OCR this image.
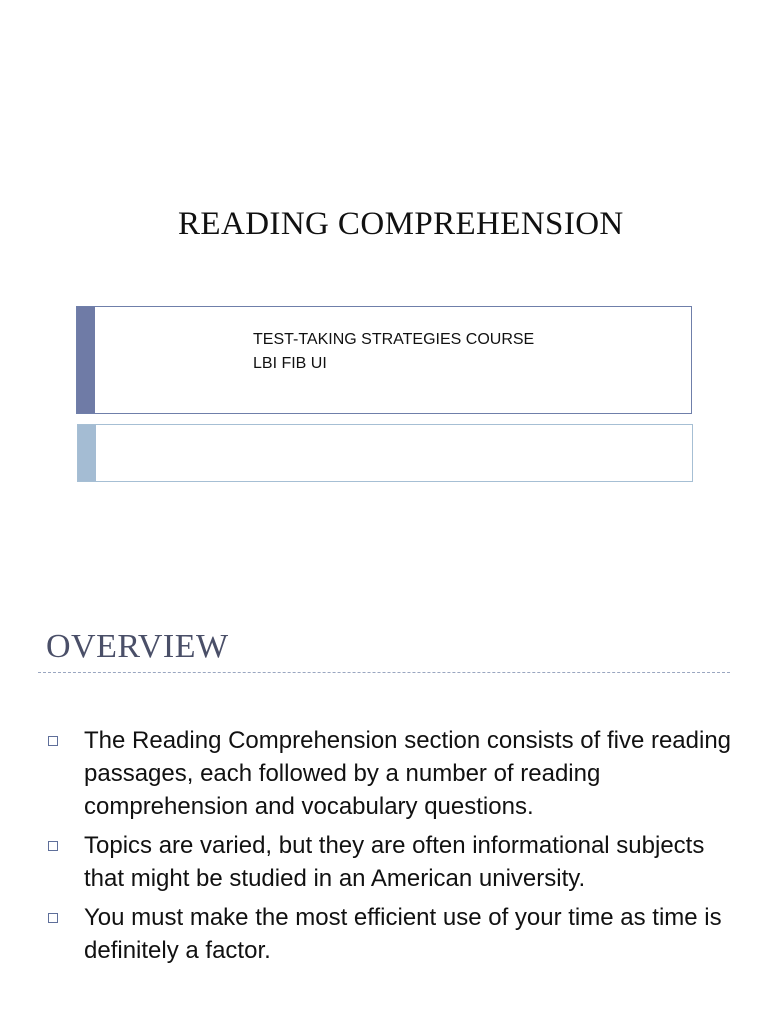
READING COMPREHENSION
TEST-TAKING STRATEGIES COURSE
LBI FIB UI
OVERVIEW
The Reading Comprehension section consists of five reading passages, each followed by a number of reading comprehension and vocabulary questions.
Topics are varied, but they are often informational subjects that might be studied in an American university.
You must make the most efficient use of your time as time is definitely a factor.
